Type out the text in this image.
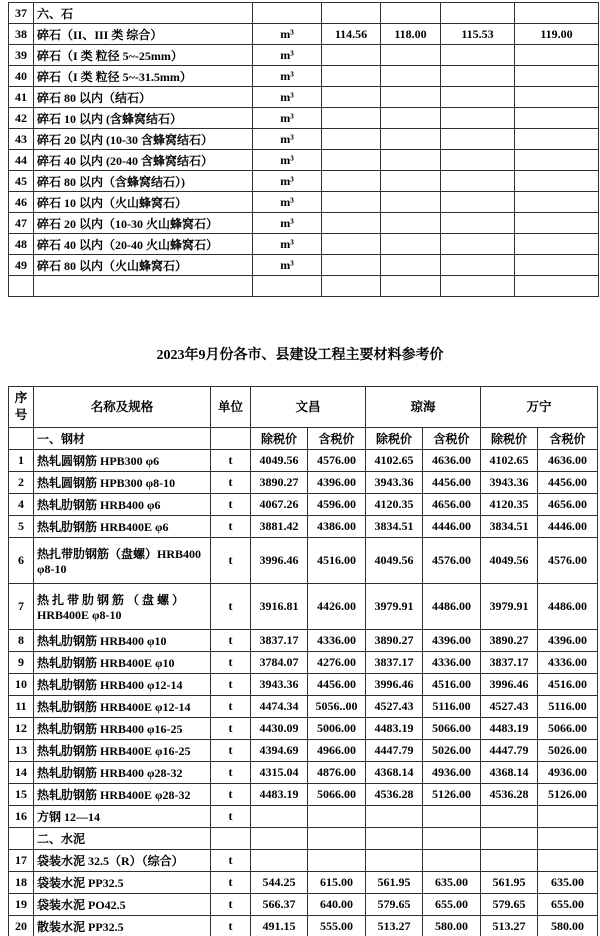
37	六、石					
38	碎石（II、III 类 综合）	m³	114.56	118.00	115.53	119.00
39	碎石（I 类 粒径 5~-25mm）	m³				
40	碎石（I 类 粒径 5~-31.5mm）	m³				
41	碎石 80 以内（结石）	m³				
42	碎石 10 以内 (含蜂窝结石）	m³				
43	碎石 20 以内 (10-30 含蜂窝结石）	m³				
44	碎石 40 以内 (20-40 含蜂窝结石）	m³				
45	碎石 80 以内（含蜂窝结石）)	m³				
46	碎石 10 以内（火山蜂窝石）	m³				
47	碎石 20 以内（10-30 火山蜂窝石）	m³				
48	碎石 40 以内（20-40 火山蜂窝石）	m³				
49	碎石 80 以内（火山蜂窝石）	m³				

2023年9月份各市、县建设工程主要材料参考价
序号	名称及规格	单位	文昌		琼海		万宁	
	一、钢材		除税价	含税价	除税价	含税价	除税价	含税价
1	热轧圆钢筋 HPB300 φ6	t	4049.56	4576.00	4102.65	4636.00	4102.65	4636.00
2	热轧圆钢筋 HPB300 φ8-10	t	3890.27	4396.00	3943.36	4456.00	3943.36	4456.00
4	热轧肋钢筋 HRB400 φ6	t	4067.26	4596.00	4120.35	4656.00	4120.35	4656.00
5	热轧肋钢筋 HRB400E φ6	t	3881.42	4386.00	3834.51	4446.00	3834.51	4446.00
6	热扎带肋钢筋（盘螺）HRB400 φ8-10	t	3996.46	4516.00	4049.56	4576.00	4049.56	4576.00
7	热 扎 带 肋 钢 筋 （ 盘 螺 ）HRB400E φ8-10	t	3916.81	4426.00	3979.91	4486.00	3979.91	4486.00
8	热轧肋钢筋 HRB400 φ10	t	3837.17	4336.00	3890.27	4396.00	3890.27	4396.00
9	热轧肋钢筋 HRB400E φ10	t	3784.07	4276.00	3837.17	4336.00	3837.17	4336.00
10	热轧肋钢筋 HRB400 φ12-14	t	3943.36	4456.00	3996.46	4516.00	3996.46	4516.00
11	热轧肋钢筋 HRB400E φ12-14	t	4474.34	5056..00	4527.43	5116.00	4527.43	5116.00
12	热轧肋钢筋 HRB400 φ16-25	t	4430.09	5006.00	4483.19	5066.00	4483.19	5066.00
13	热轧肋钢筋 HRB400E φ16-25	t	4394.69	4966.00	4447.79	5026.00	4447.79	5026.00
14	热轧肋钢筋 HRB400 φ28-32	t	4315.04	4876.00	4368.14	4936.00	4368.14	4936.00
15	热轧肋钢筋 HRB400E φ28-32	t	4483.19	5066.00	4536.28	5126.00	4536.28	5126.00
16	方钢 12—14	t						
	二、水泥							
17	袋装水泥 32.5（R）（综合）	t						
18	袋装水泥 PP32.5	t	544.25	615.00	561.95	635.00	561.95	635.00
19	袋装水泥 PO42.5	t	566.37	640.00	579.65	655.00	579.65	655.00
20	散装水泥 PP32.5	t	491.15	555.00	513.27	580.00	513.27	580.00
